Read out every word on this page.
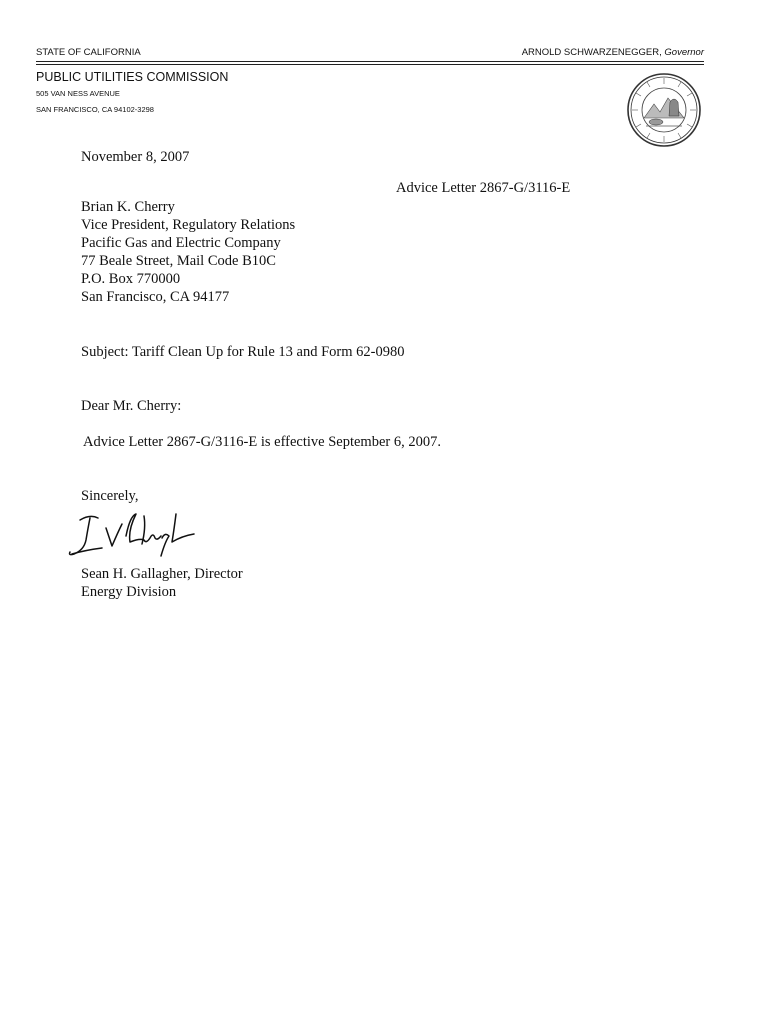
STATE OF CALIFORNIA	ARNOLD SCHWARZENEGGER, Governor
PUBLIC UTILITIES COMMISSION
505 VAN NESS AVENUE
SAN FRANCISCO, CA 94102-3298
November 8, 2007
Advice Letter 2867-G/3116-E
Brian K. Cherry
Vice President, Regulatory Relations
Pacific Gas and Electric Company
77 Beale Street, Mail Code B10C
P.O. Box 770000
San Francisco, CA 94177
Subject: Tariff Clean Up for Rule 13 and Form 62-0980
Dear Mr. Cherry:
Advice Letter 2867-G/3116-E is effective September 6, 2007.
Sincerely,
Sean H. Gallagher, Director
Energy Division
